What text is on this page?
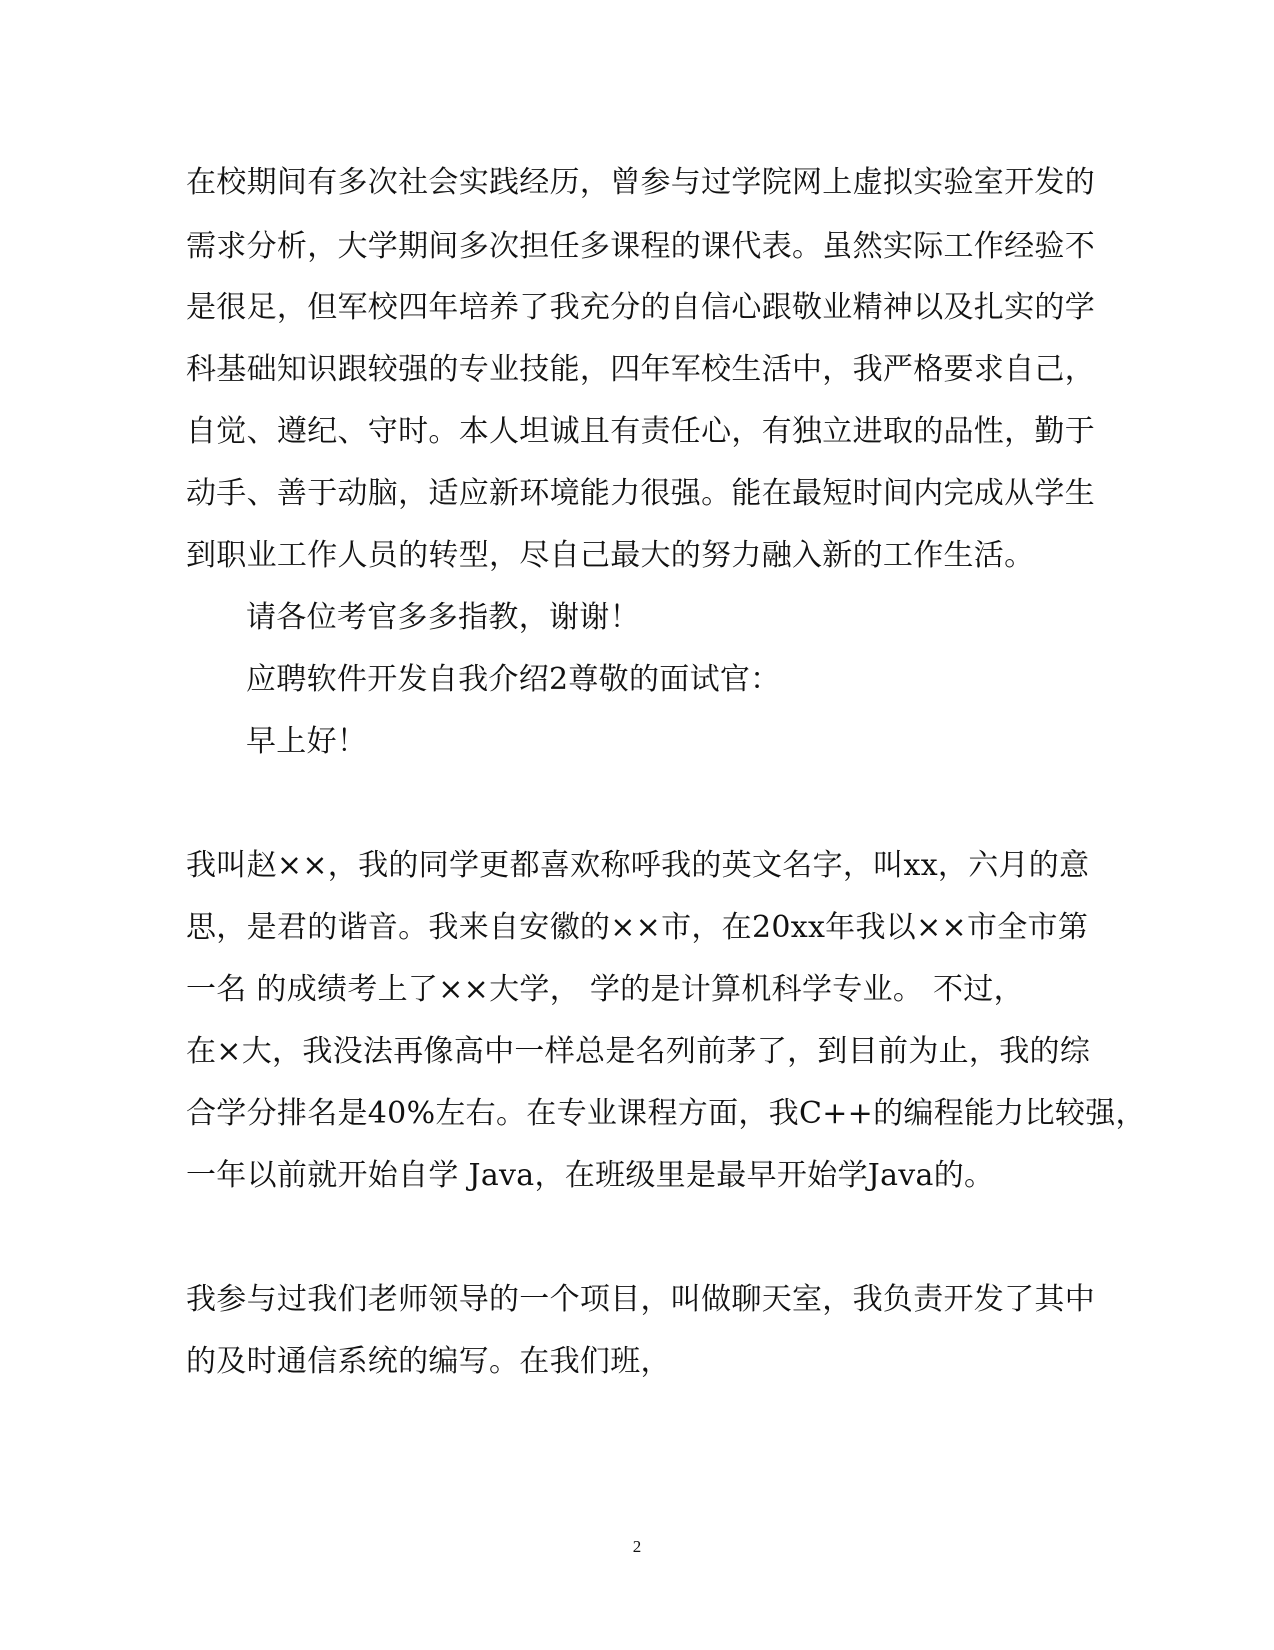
在校期间有多次社会实践经历，曾参与过学院网上虚拟实验室开发的
需求分析，大学期间多次担任多课程的课代表。虽然实际工作经验不
是很足，但军校四年培养了我充分的自信心跟敬业精神以及扎实的学
科基础知识跟较强的专业技能，四年军校生活中，我严格要求自己，
自觉、遵纪、守时。本人坦诚且有责任心，有独立进取的品性，勤于
动手、善于动脑，适应新环境能力很强。能在最短时间内完成从学生
到职业工作人员的转型，尽自己最大的努力融入新的工作生活。
请各位考官多多指教，谢谢！
应聘软件开发自我介绍2尊敬的面试官：
早上好！
我叫赵××，我的同学更都喜欢称呼我的英文名字，叫xx，六月的意
思，是君的谐音。我来自安徽的××市，在20xx年我以××市全市第
一名 的成绩考上了××大学， 学的是计算机科学专业。 不过，
在×大，我没法再像高中一样总是名列前茅了，到目前为止，我的综
合学分排名是40%左右。在专业课程方面，我C++的编程能力比较强，
一年以前就开始自学 Java，在班级里是最早开始学Java的。
我参与过我们老师领导的一个项目，叫做聊天室，我负责开发了其中
的及时通信系统的编写。在我们班，
2
